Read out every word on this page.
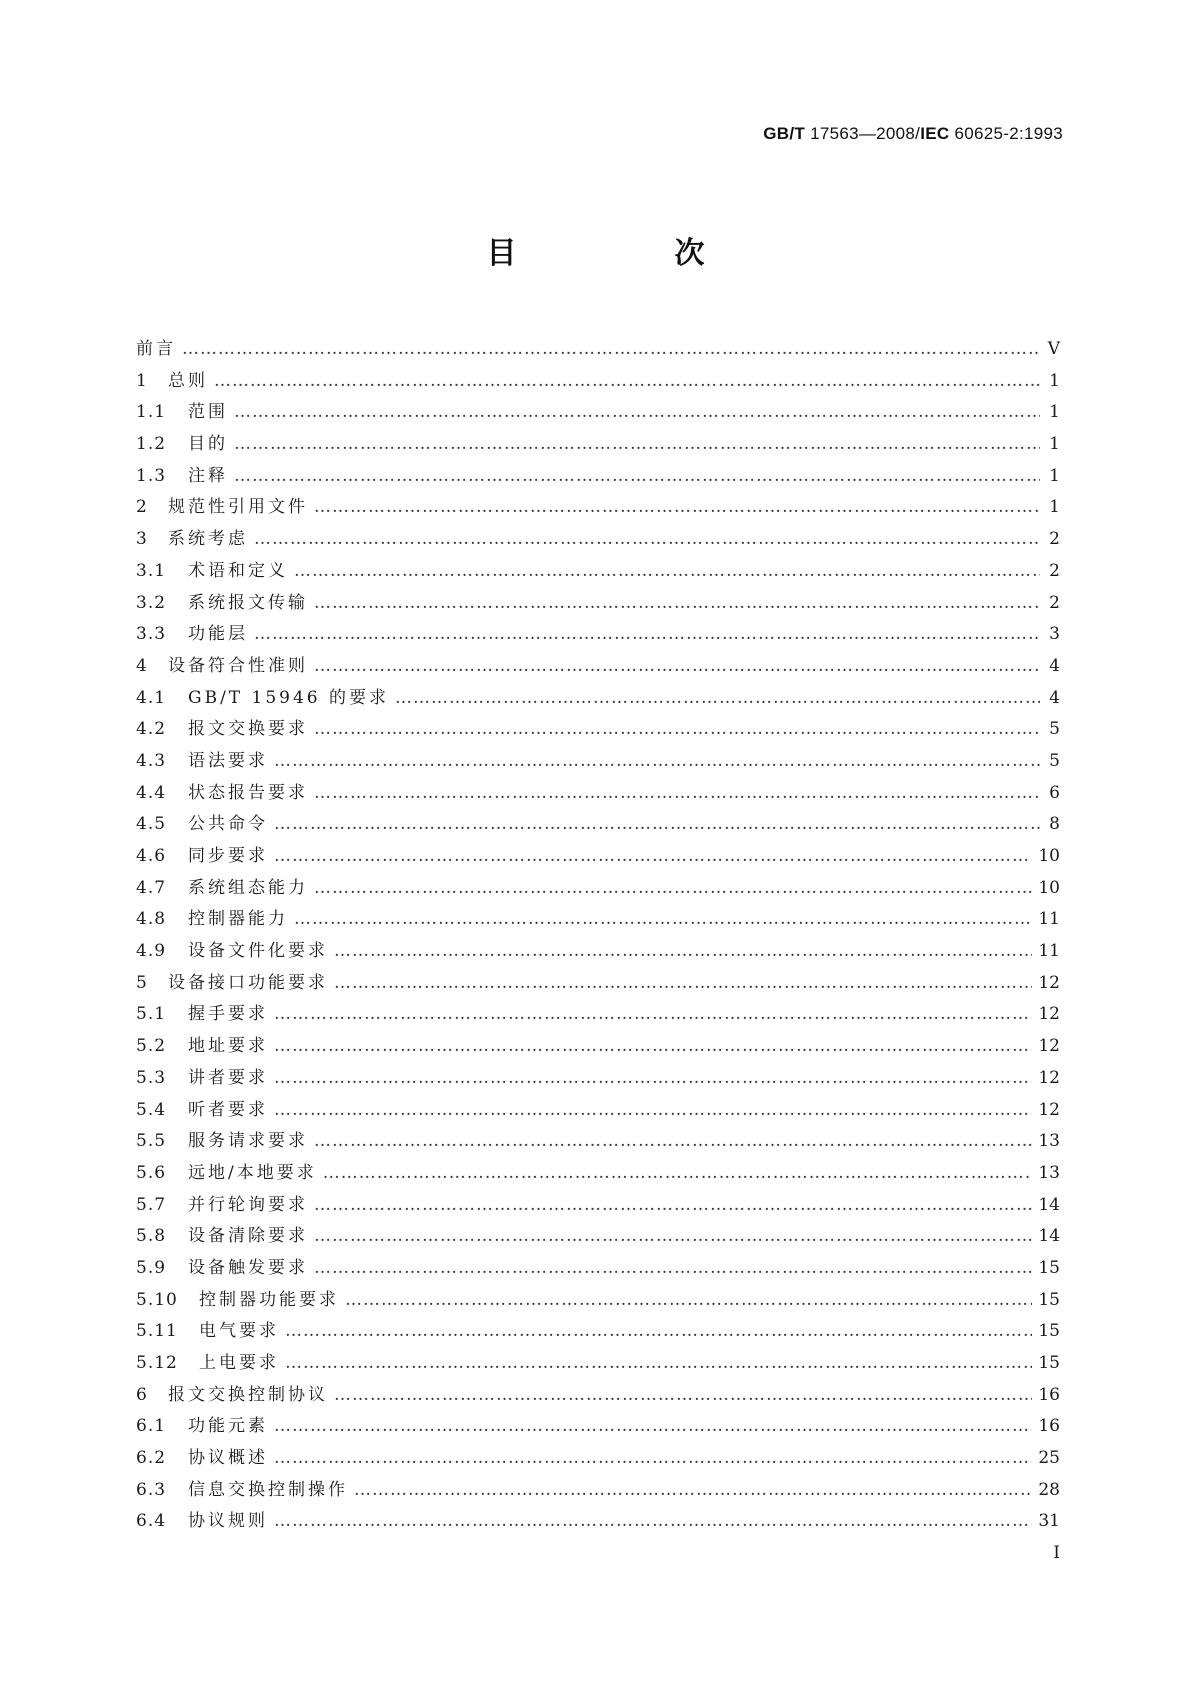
GB/T 17563—2008/IEC 60625-2:1993
目　次
前言 …………………………………………………………………………………………………………………………………………………………………………………………………………………………………………………………………………………	V
1	总则 …………………………………………………………………………………………………………………………………………………………………………………………………………………………………………………………………………………	1
1.1	范围 …………………………………………………………………………………………………………………………………………………………………………………………………………………………………………………………………………………	1
1.2	目的 …………………………………………………………………………………………………………………………………………………………………………………………………………………………………………………………………………………	1
1.3	注释 …………………………………………………………………………………………………………………………………………………………………………………………………………………………………………………………………………………	1
2	规范性引用文件 …………………………………………………………………………………………………………………………………………………………………………………………………………………………………………………………………………………	1
3	系统考虑 …………………………………………………………………………………………………………………………………………………………………………………………………………………………………………………………………………………	2
3.1	术语和定义 …………………………………………………………………………………………………………………………………………………………………………………………………………………………………………………………………………………	2
3.2	系统报文传输 …………………………………………………………………………………………………………………………………………………………………………………………………………………………………………………………………………………	2
3.3	功能层 …………………………………………………………………………………………………………………………………………………………………………………………………………………………………………………………………………………	3
4	设备符合性准则 …………………………………………………………………………………………………………………………………………………………………………………………………………………………………………………………………………………	4
4.1	GB/T 15946 的要求 …………………………………………………………………………………………………………………………………………………………………………………………………………………………………………………………………………………	4
4.2	报文交换要求 …………………………………………………………………………………………………………………………………………………………………………………………………………………………………………………………………………………	5
4.3	语法要求 …………………………………………………………………………………………………………………………………………………………………………………………………………………………………………………………………………………	5
4.4	状态报告要求 …………………………………………………………………………………………………………………………………………………………………………………………………………………………………………………………………………………	6
4.5	公共命令 …………………………………………………………………………………………………………………………………………………………………………………………………………………………………………………………………………………	8
4.6	同步要求 …………………………………………………………………………………………………………………………………………………………………………………………………………………………………………………………………………………	10
4.7	系统组态能力 …………………………………………………………………………………………………………………………………………………………………………………………………………………………………………………………………………………	10
4.8	控制器能力 …………………………………………………………………………………………………………………………………………………………………………………………………………………………………………………………………………………	11
4.9	设备文件化要求 …………………………………………………………………………………………………………………………………………………………………………………………………………………………………………………………………………………	11
5	设备接口功能要求 …………………………………………………………………………………………………………………………………………………………………………………………………………………………………………………………………………………	12
5.1	握手要求 …………………………………………………………………………………………………………………………………………………………………………………………………………………………………………………………………………………	12
5.2	地址要求 …………………………………………………………………………………………………………………………………………………………………………………………………………………………………………………………………………………	12
5.3	讲者要求 …………………………………………………………………………………………………………………………………………………………………………………………………………………………………………………………………………………	12
5.4	听者要求 …………………………………………………………………………………………………………………………………………………………………………………………………………………………………………………………………………………	12
5.5	服务请求要求 …………………………………………………………………………………………………………………………………………………………………………………………………………………………………………………………………………………	13
5.6	远地/本地要求 …………………………………………………………………………………………………………………………………………………………………………………………………………………………………………………………………………………	13
5.7	并行轮询要求 …………………………………………………………………………………………………………………………………………………………………………………………………………………………………………………………………………………	14
5.8	设备清除要求 …………………………………………………………………………………………………………………………………………………………………………………………………………………………………………………………………………………	14
5.9	设备触发要求 …………………………………………………………………………………………………………………………………………………………………………………………………………………………………………………………………………………	15
5.10	控制器功能要求 …………………………………………………………………………………………………………………………………………………………………………………………………………………………………………………………………………………	15
5.11	电气要求 …………………………………………………………………………………………………………………………………………………………………………………………………………………………………………………………………………………	15
5.12	上电要求 …………………………………………………………………………………………………………………………………………………………………………………………………………………………………………………………………………………	15
6	报文交换控制协议 …………………………………………………………………………………………………………………………………………………………………………………………………………………………………………………………………………………	16
6.1	功能元素 …………………………………………………………………………………………………………………………………………………………………………………………………………………………………………………………………………………	16
6.2	协议概述 …………………………………………………………………………………………………………………………………………………………………………………………………………………………………………………………………………………	25
6.3	信息交换控制操作 …………………………………………………………………………………………………………………………………………………………………………………………………………………………………………………………………………………	28
6.4	协议规则 …………………………………………………………………………………………………………………………………………………………………………………………………………………………………………………………………………………	31
I
